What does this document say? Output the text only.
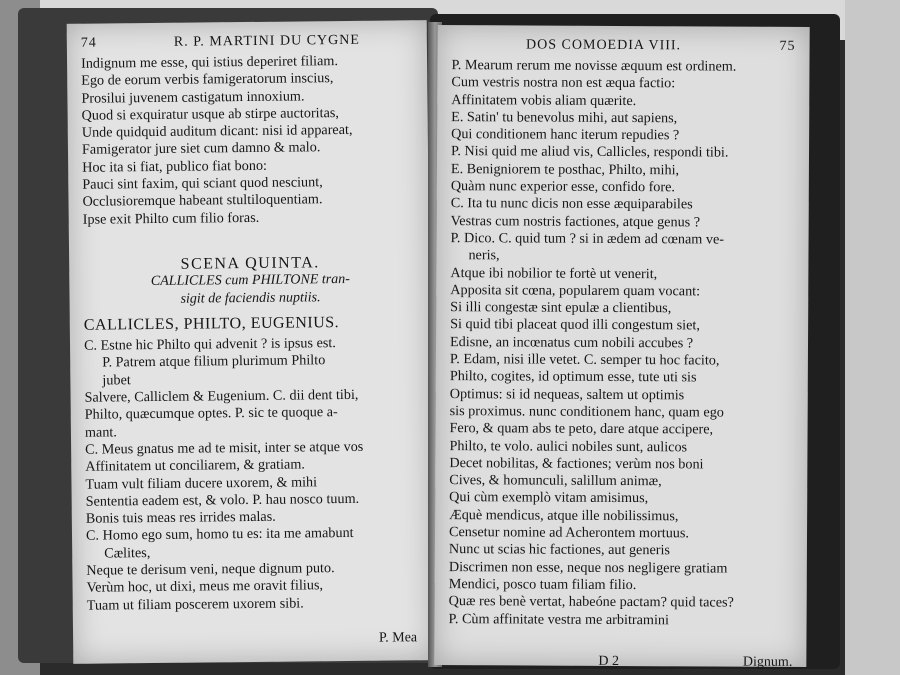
74	R. P. MARTINI DU CYGNE
Indignum me esse, qui istius deperiret filiam.
Ego de eorum verbis famigeratorum inscius,
Prosilui juvenem castigatum innoxium.
Quod si exquiratur usque ab stirpe auctoritas,
Unde quidquid auditum dicant: nisi id appareat,
Famigerator jure siet cum damno & malo.
Hoc ita si fiat, publico fiat bono:
Pauci sint faxim, qui sciant quod nesciunt,
Occlusioremque habeant stultiloquentiam.
Ipse exit Philto cum filio foras.
SCENA QUINTA.
CALLICLES cum PHILTONE tran-
sigit de faciendis nuptiis.
CALLICLES, PHILTO, EUGENIUS.
C. Estne hic Philto qui advenit ? is ipsus est.
P. Patrem atque filium plurimum Philto
jubet
Salvere, Calliclem & Eugenium. C. dii dent tibi,
Philto, quæcumque optes. P. sic te quoque a-
mant.
C. Meus gnatus me ad te misit, inter se atque vos
Affinitatem ut conciliarem, & gratiam.
Tuam vult filiam ducere uxorem, & mihi
Sententia eadem est, & volo. P. hau nosco tuum.
Bonis tuis meas res irrides malas.
C. Homo ego sum, homo tu es: ita me amabunt
Cælites,
Neque te derisum veni, neque dignum puto.
Verùm hoc, ut dixi, meus me oravit filius,
Tuam ut filiam poscerem uxorem sibi.
P. Mea
DOS COMOEDIA VIII.	75
P. Mearum rerum me novisse æquum est ordinem.
Cum vestris nostra non est æqua factio:
Affinitatem vobis aliam quærite.
E. Satin' tu benevolus mihi, aut sapiens,
Qui conditionem hanc iterum repudies ?
P. Nisi quid me aliud vis, Callicles, respondi tibi.
E. Benigniorem te posthac, Philto, mihi,
Quàm nunc experior esse, confido fore.
C. Ita tu nunc dicis non esse æquiparabiles
Vestras cum nostris factiones, atque genus ?
P. Dico. C. quid tum ? si in ædem ad cœnam ve-
neris,
Atque ibi nobilior te fortè ut venerit,
Apposita sit cœna, popularem quam vocant:
Si illi congestæ sint epulæ a clientibus,
Si quid tibi placeat quod illi congestum siet,
Edisne, an incœnatus cum nobili accubes ?
P. Edam, nisi ille vetet. C. semper tu hoc facito,
Philto, cogites, id optimum esse, tute uti sis
Optimus: si id nequeas, saltem ut optimis
sis proximus. nunc conditionem hanc, quam ego
Fero, & quam abs te peto, dare atque accipere,
Philto, te volo. aulici nobiles sunt, aulicos
Decet nobilitas, & factiones; verùm nos boni
Cives, & homunculi, salillum animæ,
Qui cùm exemplò vitam amisimus,
Æquè mendicus, atque ille nobilissimus,
Censetur nomine ad Acherontem mortuus.
Nunc ut scias hic factiones, aut generis
Discrimen non esse, neque nos negligere gratiam
Mendici, posco tuam filiam filio.
Quæ res benè vertat, habeóne pactam? quid taces?
P. Cùm affinitate vestra me arbitramini
D 2	Dignum.
